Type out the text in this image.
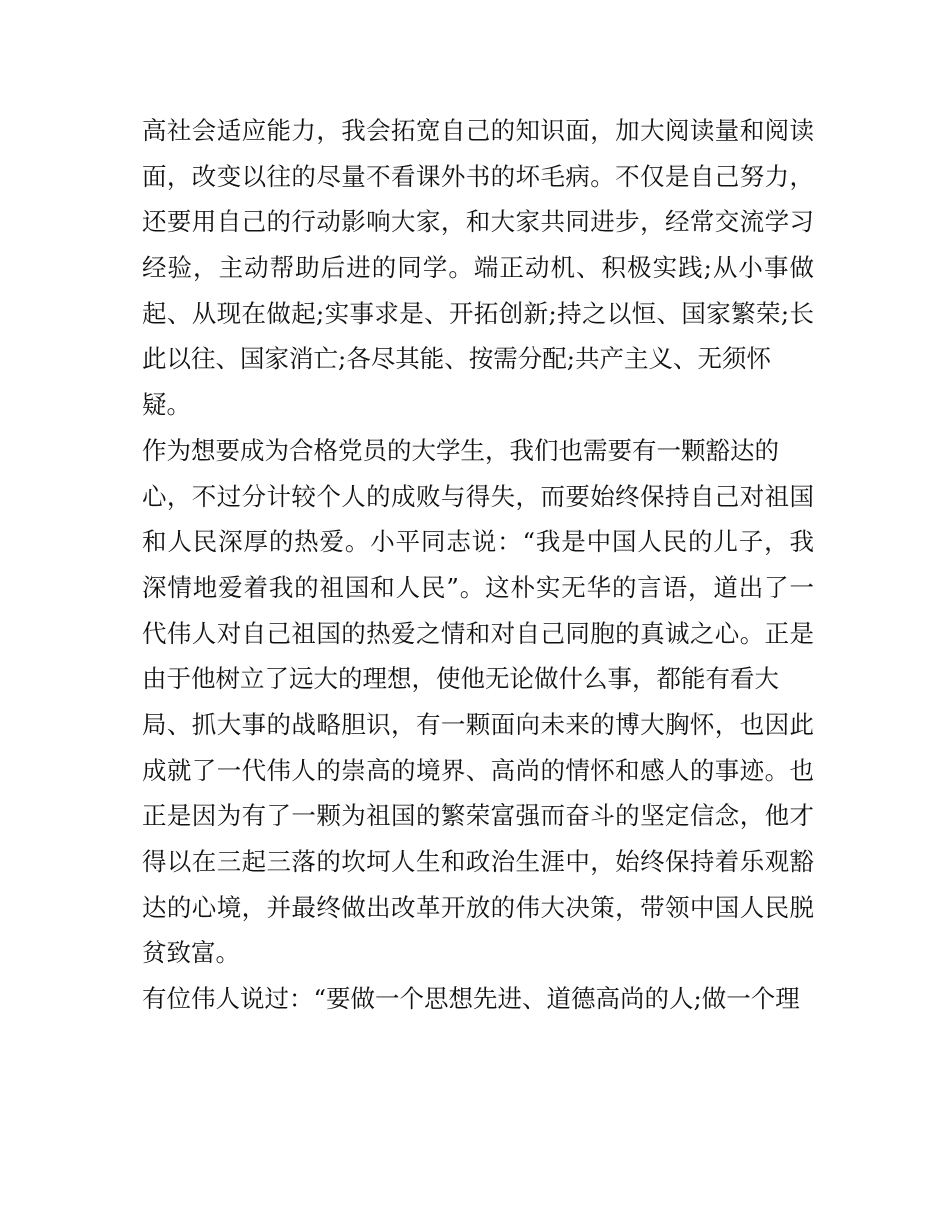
高社会适应能力，我会拓宽自己的知识面，加大阅读量和阅读
面，改变以往的尽量不看课外书的坏毛病。不仅是自己努力，
还要用自己的行动影响大家，和大家共同进步，经常交流学习
经验，主动帮助后进的同学。端正动机、积极实践;从小事做
起、从现在做起;实事求是、开拓创新;持之以恒、国家繁荣;长
此以往、国家消亡;各尽其能、按需分配;共产主义、无须怀
疑。
作为想要成为合格党员的大学生，我们也需要有一颗豁达的
心，不过分计较个人的成败与得失，而要始终保持自己对祖国
和人民深厚的热爱。小平同志说：“我是中国人民的儿子，我
深情地爱着我的祖国和人民”。这朴实无华的言语，道出了一
代伟人对自己祖国的热爱之情和对自己同胞的真诚之心。正是
由于他树立了远大的理想，使他无论做什么事，都能有看大
局、抓大事的战略胆识，有一颗面向未来的博大胸怀，也因此
成就了一代伟人的崇高的境界、高尚的情怀和感人的事迹。也
正是因为有了一颗为祖国的繁荣富强而奋斗的坚定信念，他才
得以在三起三落的坎坷人生和政治生涯中，始终保持着乐观豁
达的心境，并最终做出改革开放的伟大决策，带领中国人民脱
贫致富。
有位伟人说过：“要做一个思想先进、道德高尚的人;做一个理
